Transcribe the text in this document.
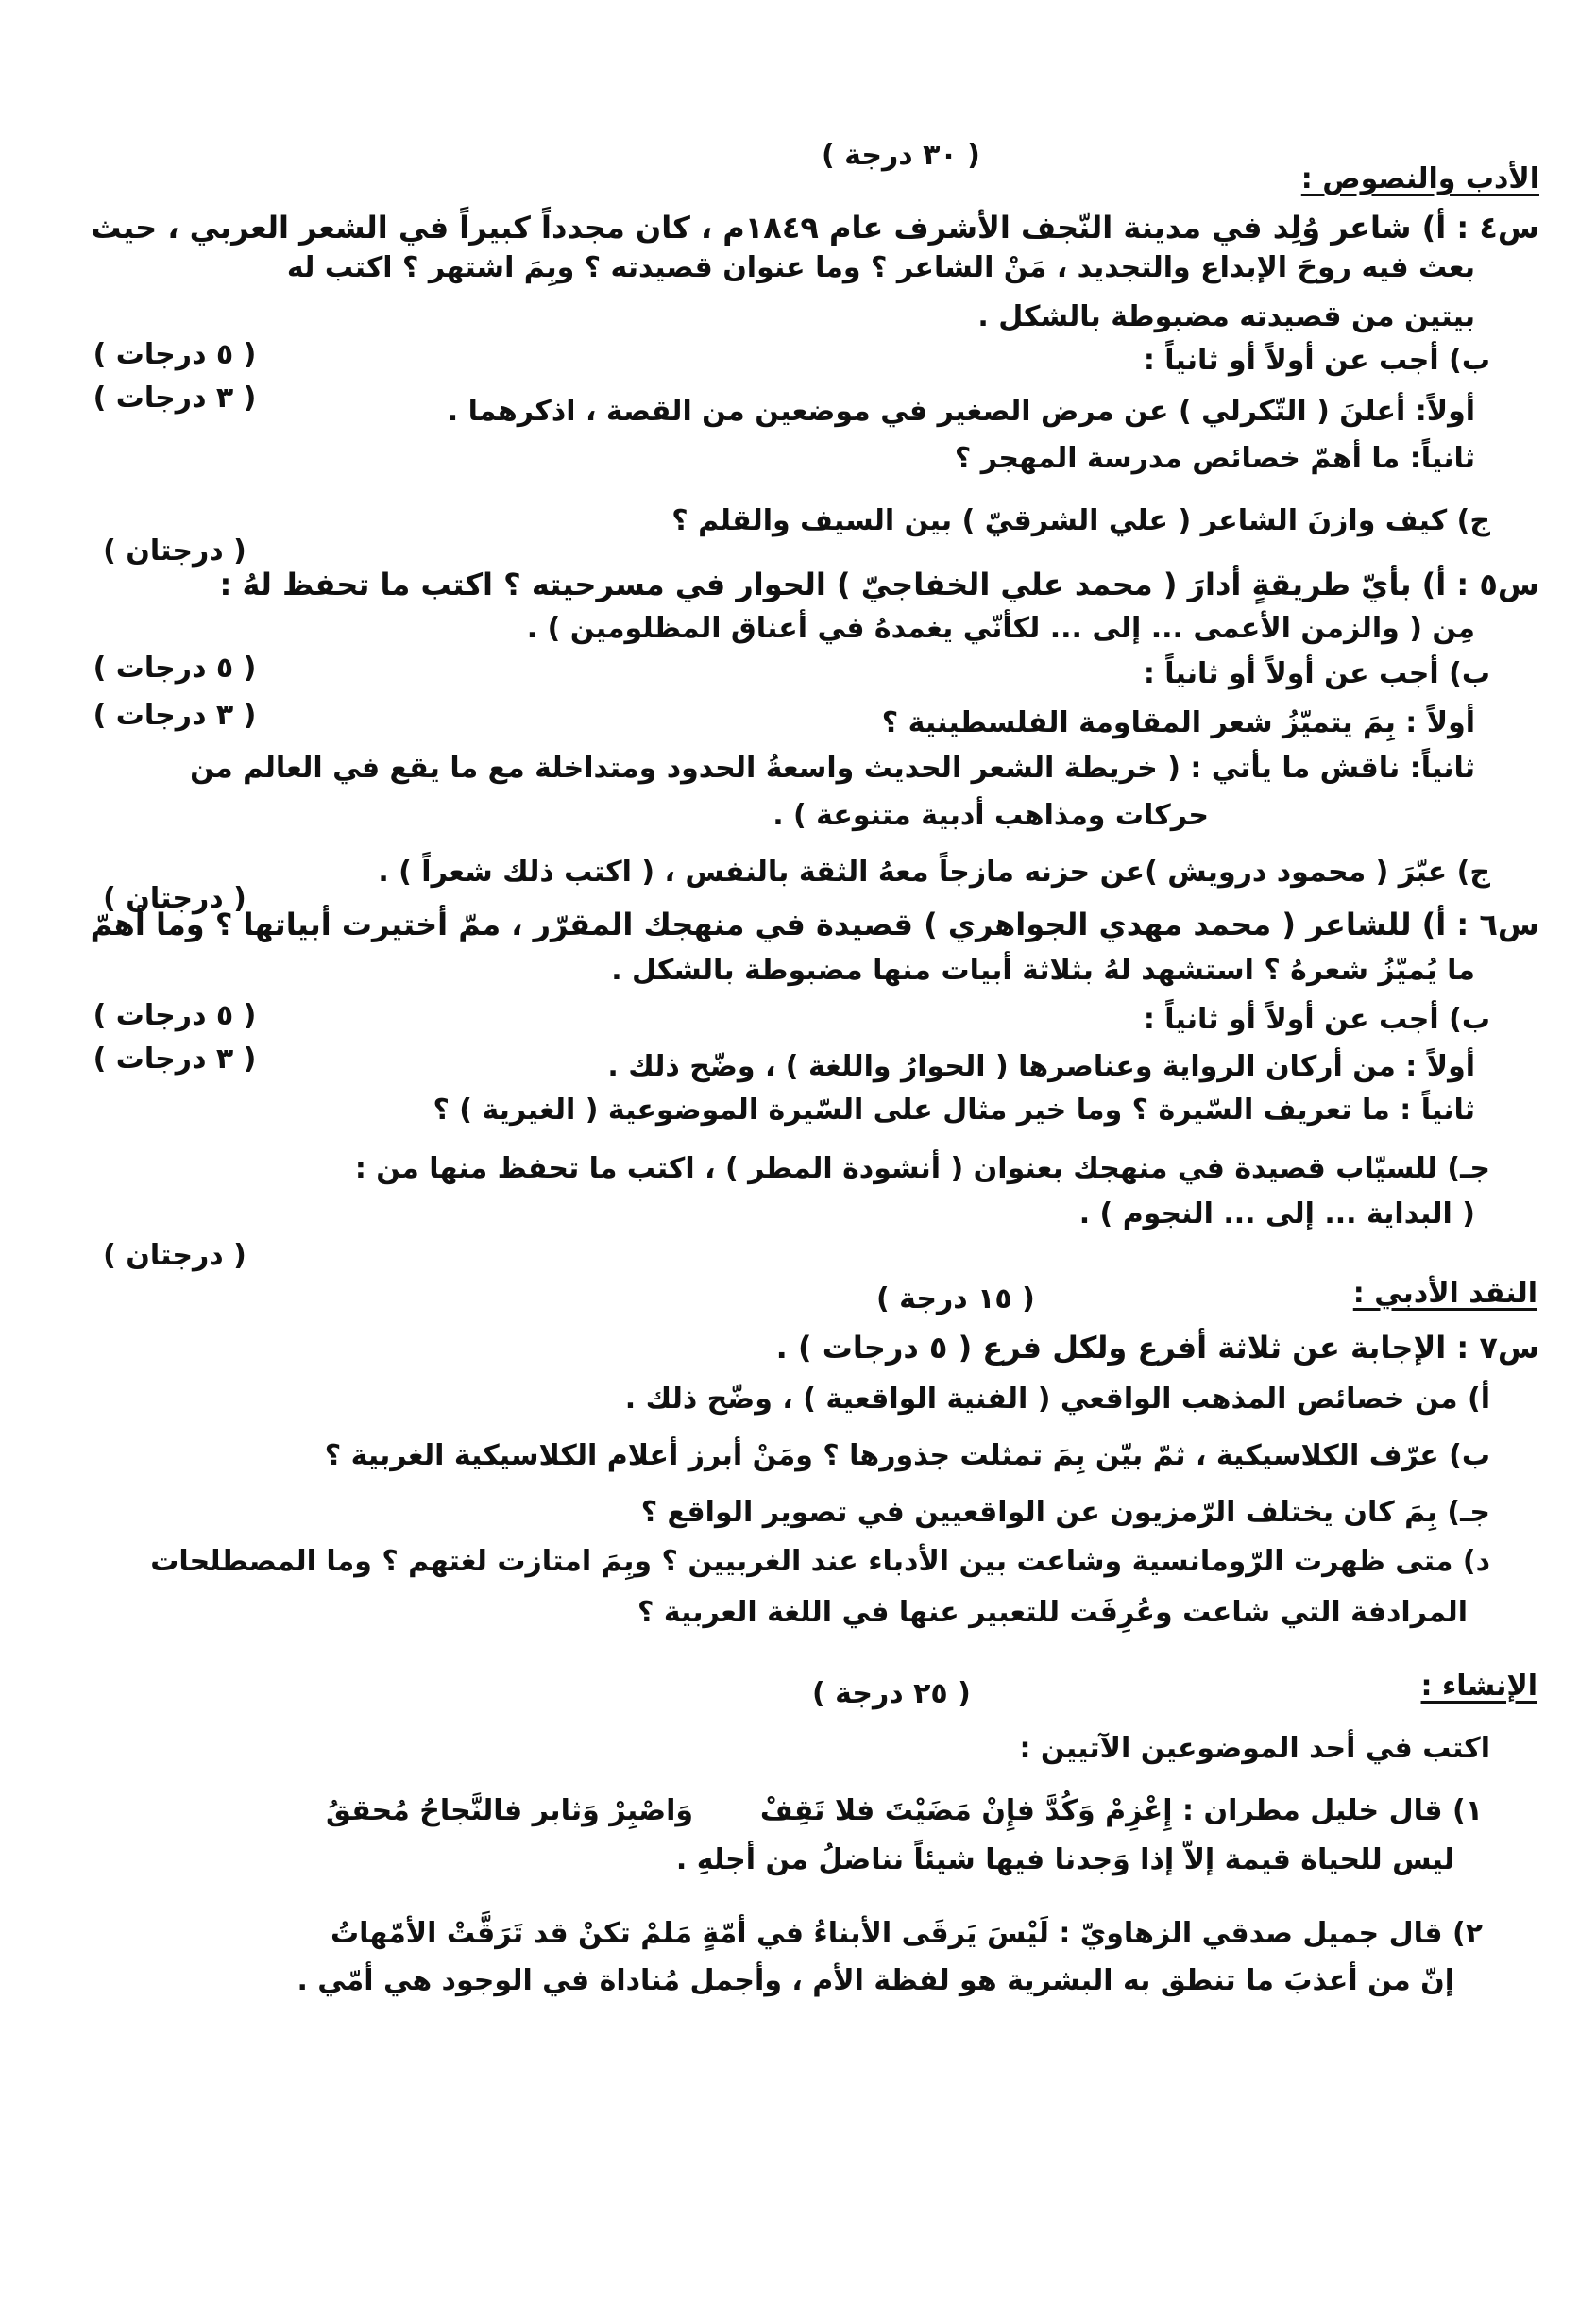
الأدب والنصوص :
( ٣٠ درجة )
س٤ : أ) شاعر وُلِد في مدينة النّجف الأشرف عام ١٨٤٩م ، كان مجدداً كبيراً في الشعر العربي ، حيث
بعث فيه روحَ الإبداع والتجديد ، مَنْ الشاعر ؟ وما عنوان قصيدته ؟ وبِمَ اشتهر ؟ اكتب له
بيتين من قصيدته مضبوطة بالشكل .
( ٥ درجات )	ب) أجب عن أولاً أو ثانياً :
( ٣ درجات )	أولاً: أعلنَ ( التّكرلي ) عن مرض الصغير في موضعين من القصة ، اذكرهما .
ثانياً: ما أهمّ خصائص مدرسة المهجر ؟
ج) كيف وازنَ الشاعر ( علي الشرقيّ ) بين السيف والقلم ؟
( درجتان )
س٥ : أ) بأيّ طريقةٍ أدارَ ( محمد علي الخفاجيّ ) الحوار في مسرحيته ؟ اكتب ما تحفظ لهُ :
مِن ( والزمن الأعمى ... إلى ... لكأنّي يغمدهُ في أعناق المظلومين ) .
( ٥ درجات )	ب) أجب عن أولاً أو ثانياً :
( ٣ درجات )	أولاً : بِمَ يتميّزُ شعر المقاومة الفلسطينية ؟
ثانياً: ناقش ما يأتي : ( خريطة الشعر الحديث واسعةُ الحدود ومتداخلة مع ما يقع في العالم من
حركات ومذاهب أدبية متنوعة ) .
ج) عبّرَ ( محمود درويش )عن حزنه مازجاً معهُ الثقة بالنفس ، ( اكتب ذلك شعراً ) .
( درجتان )
س٦ : أ) للشاعر ( محمد مهدي الجواهري ) قصيدة في منهجك المقرّر ، ممّ أختيرت أبياتها ؟ وما أهمّ
ما يُميّزُ شعرهُ ؟ استشهد لهُ بثلاثة أبيات منها مضبوطة بالشكل .
( ٥ درجات )	ب) أجب عن أولاً أو ثانياً :
( ٣ درجات )	أولاً : من أركان الرواية وعناصرها ( الحوارُ واللغة ) ، وضّح ذلك .
ثانياً : ما تعريف السّيرة ؟ وما خير مثال على السّيرة الموضوعية ( الغيرية ) ؟
جـ) للسيّاب قصيدة في منهجك بعنوان ( أنشودة المطر ) ، اكتب ما تحفظ منها من :
( البداية ... إلى ... النجوم ) .
( درجتان )
النقد الأدبي :
( ١٥ درجة )
س٧ : الإجابة عن ثلاثة أفرع ولكل فرع ( ٥ درجات ) .
أ) من خصائص المذهب الواقعي ( الفنية الواقعية ) ، وضّح ذلك .
ب) عرّف الكلاسيكية ، ثمّ بيّن بِمَ تمثلت جذورها ؟ ومَنْ أبرز أعلام الكلاسيكية الغربية ؟
جـ) بِمَ كان يختلف الرّمزيون عن الواقعيين في تصوير الواقع ؟
د) متى ظهرت الرّومانسية وشاعت بين الأدباء عند الغربيين ؟ وبِمَ امتازت لغتهم ؟ وما المصطلحات
المرادفة التي شاعت وعُرِفَت للتعبير عنها في اللغة العربية ؟
الإنشاء :
( ٢٥ درجة )
اكتب في أحد الموضوعين الآتيين :
١) قال خليل مطران : إِعْزِمْ وَكُدَّ فإِنْ مَضَيْتَ فلا تَقِفْ
وَاصْبِرْ وَثابر فالنَّجاحُ مُحققُ
ليس للحياة قيمة إلاّ إذا وَجدنا فيها شيئاً نناضلُ من أجلهِ .
٢) قال جميل صدقي الزهاويّ : لَيْسَ يَرقَى الأبناءُ في أمّةٍ مَا
لمْ تكنْ قد تَرَقَّتْ الأمّهاتُ
إنّ من أعذبَ ما تنطق به البشرية هو لفظة الأم ، وأجمل مُناداة في الوجود هي أمّي .
